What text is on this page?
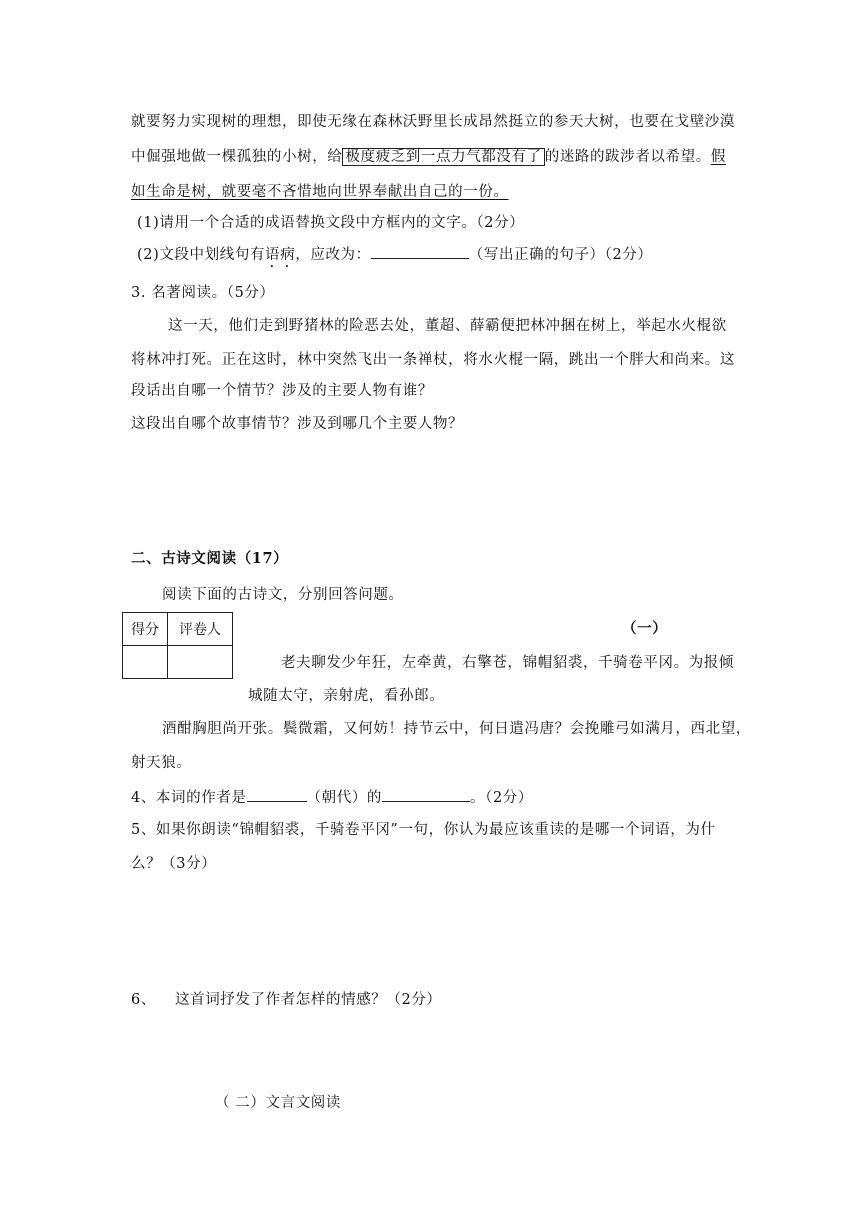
就要努力实现树的理想，即使无缘在森林沃野里长成昂然挺立的参天大树，也要在戈壁沙漠
中倔强地做一棵孤独的小树，给 极度疲乏到一点力气都没有了 的迷路的跋涉者以希望。假
如生命是树，就要毫不吝惜地向世界奉献出自己的一份。
(1)请用一个合适的成语替换文段中方框内的文字。（2分）
(2)文段中划线句有语病，应改为：	（写出正确的句子）（2分）
3. 名著阅读。（5分）
这一天，他们走到野猪林的险恶去处，董超、薛霸便把林冲捆在树上，举起水火棍欲
将林冲打死。正在这时，林中突然飞出一条禅杖，将水火棍一隔，跳出一个胖大和尚来。这
段话出自哪一个情节？涉及的主要人物有谁？
这段出自哪个故事情节？涉及到哪几个主要人物？
二、古诗文阅读（17）
阅读下面的古诗文，分别回答问题。
得分	评卷人
		（一）
老夫聊发少年狂，左牵黄，右擎苍，锦帽貂裘，千骑卷平冈。为报倾
城随太守，亲射虎，看孙郎。
酒酣胸胆尚开张。鬓微霜，又何妨！持节云中，何日遣冯唐？会挽雕弓如满月，西北望，
射天狼。
4、本词的作者是	（朝代）的	。（2分）
5、如果你朗读“锦帽貂裘，千骑卷平冈”一句，你认为最应该重读的是哪一个词语，为什
么？（3分）
6、 这首词抒发了作者怎样的情感？（2分）
（ 二）文言文阅读
